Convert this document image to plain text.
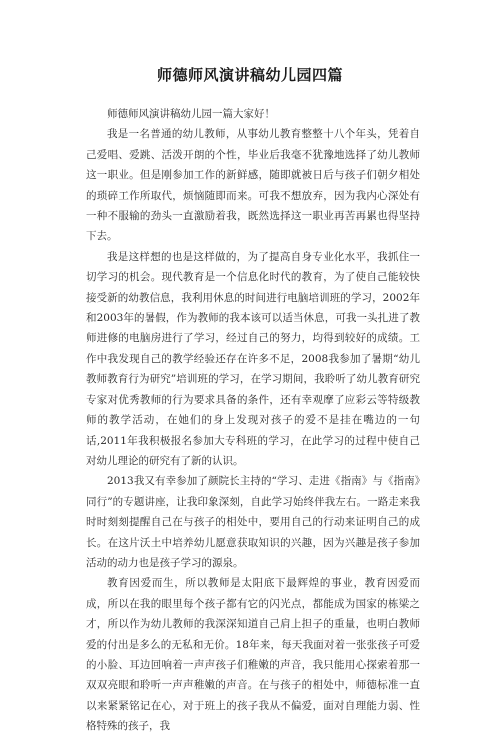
师德师风演讲稿幼儿园四篇

师德师风演讲稿幼儿园一篇大家好！

我是一名普通的幼儿教师，从事幼儿教育整整十八个年头，凭着自己爱唱、爱跳、活泼开朗的个性，毕业后我毫不犹豫地选择了幼儿教师这一职业。但是刚参加工作的新鲜感，随即就被日后与孩子们朝夕相处的琐碎工作所取代，烦恼随即而来。可我不想放弃，因为我内心深处有一种不服输的劲头一直激励着我，既然选择这一职业再苦再累也得坚持下去。

我是这样想的也是这样做的，为了提高自身专业化水平，我抓住一切学习的机会。现代教育是一个信息化时代的教育，为了使自己能较快接受新的幼教信息，我利用休息的时间进行电脑培训班的学习，2002年和2003年的暑假，作为教师的我本该可以适当休息，可我一头扎进了教师进修的电脑房进行了学习，经过自己的努力，均得到较好的成绩。工作中我发现自己的教学经验还存在许多不足，2008我参加了暑期“幼儿教师教育行为研究”培训班的学习，在学习期间，我聆听了幼儿教育研究专家对优秀教师的行为要求具备的条件，还有幸观摩了应彩云等特级教师的教学活动，在她们的身上发现对孩子的爱不是挂在嘴边的一句话,2011年我积极报名参加大专科班的学习，在此学习的过程中使自己对幼儿理论的研究有了新的认识。

2013我又有幸参加了颜院长主持的“学习、走进《指南》与《指南》同行”的专题讲座，让我印象深刻，自此学习始终伴我左右。一路走来我时时刻刻提醒自己在与孩子的相处中，要用自己的行动来证明自己的成长。在这片沃土中培养幼儿愿意获取知识的兴趣，因为兴趣是孩子参加活动的动力也是孩子学习的源泉。

教育因爱而生，所以教师是太阳底下最辉煌的事业，教育因爱而成，所以在我的眼里每个孩子都有它的闪光点，都能成为国家的栋梁之才，所以作为幼儿教师的我深深知道自己肩上担子的重量，也明白教师爱的付出是多么的无私和无价。18年来，每天我面对着一张张孩子可爱的小脸、耳边回响着一声声孩子们稚嫩的声音，我只能用心探索着那一双双亮眼和聆听一声声稚嫩的声音。在与孩子的相处中，师德标准一直以来紧紧铭记在心，对于班上的孩子我从不偏爱，面对自理能力弱、性格特殊的孩子，我
